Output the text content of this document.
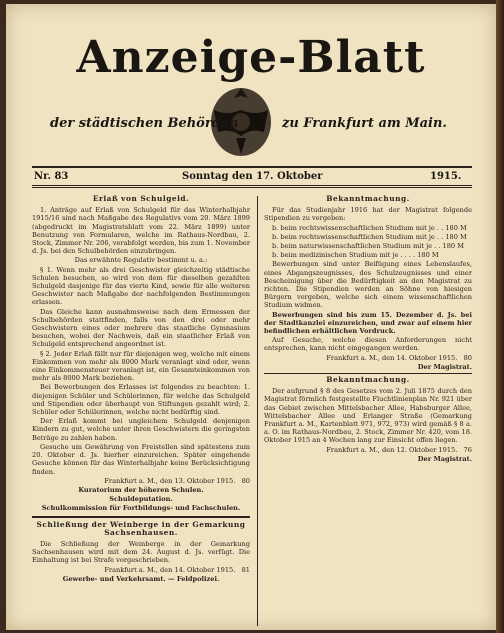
Anzeige-Blatt
der städtischen Behörden	zu Frankfurt am Main.
Nr. 83	Sonntag den 17. Oktober	1915.
Erlaß von Schulgeld.

1. Anträge auf Erlaß von Schulgeld für das Winterhalbjahr 1915/16 sind nach Maßgabe des Regulativs vom 20. März 1899 (abgedruckt im Magistratsblatt vom 22. März 1899) unter Benutzung von Formularen, welche im Rathaus-Nordbau, 2. Stock, Zimmer Nr. 206, verabfolgt werden, bis zum 1. November d. Js. bei den Schulbehörden einzubringen.

Das erwähnte Regulativ bestimmt u. a.:

§ 1. Wenn mehr als drei Geschwister gleichzeitig städtische Schulen besuchen, so wird von dem für dieselben gezahlten Schulgeld dasjenige für das vierte Kind, sowie für alle weiteren Geschwister nach Maßgabe der nachfolgenden Bestimmungen erlassen.

Das Gleiche kann ausnahmsweise nach dem Ermessen der Schulbehörden stattfinden, falls von den drei oder mehr Geschwistern eines oder mehrere das staatliche Gymnasium besuchen, wobei der Nachweis, daß ein staatlicher Erlaß von Schulgeld entsprechend angeordnet ist.

§ 2. Jeder Erlaß fällt nur für diejenigen weg, welche mit einem Einkommen von mehr als 8000 Mark veranlagt sind oder, wenn eine Einkommensteuer veranlagt ist, ein Gesamteinkommen von mehr als 8000 Mark beziehen.

Bei Bewerbungen des Erlasses ist folgendes zu beachten: 1. diejenigen Schüler und Schülerinnen, für welche das Schulgeld und Stipendien oder überhaupt von Stiftungen gezahlt wird; 2. Schüler oder Schülerinnen, welche nicht bedürftig sind.

Der Erlaß kommt bei ungleichem Schulgeld denjenigen Kindern zu gut, welche unter ihren Geschwistern die geringsten Beträge zu zahlen haben.

Gesuche um Gewährung von Freistellen sind spätestens zum 20. Oktober d. Js. hierher einzureichen. Später eingehende Gesuche können für das Winterhalbjahr keine Berücksichtigung finden.

Frankfurt a. M., den 13. Oktober 1915. 80

Kuratorium der höheren Schulen.

Schuldeputation.

Schulkommission für Fortbildungs- und Fachschulen.

Schließung der Weinberge in der Gemarkung Sachsenhausen.

Die Schließung der Weinberge in der Gemarkung Sachsenhausen wird mit dem 24. August d. Js. verfügt. Die Einhaltung ist bei Strafe vorgeschrieben.

Frankfurt a. M., den 14. Oktober 1915. 81

Gewerbe- und Verkehrsamt. — Feldpolizei.

Bekanntmachung.

Für das Studienjahr 1916 hat der Magistrat folgende Stipendien zu vergeben:

b. beim rechtswissenschaftlichen Studium mit je . . 180 M

b. beim rechtswissenschaftlichen Studium mit je . . 180 M

b. beim naturwissenschaftlichen Studium mit je . . 180 M

b. beim medizinischen Studium mit je . . . . 180 M

Bewerbungen sind unter Beifügung eines Lebenslaufes, eines Abgangszeugnisses, des Schulzeugnisses und einer Bescheinigung über die Bedürftigkeit an den Magistrat zu richten. Die Stipendien werden an Söhne von hiesigen Bürgern vergeben, welche sich einem wissenschaftlichen Studium widmen.

Bewerbungen sind bis zum 15. Dezember d. Js. bei der Stadtkanzlei einzureichen, und zwar auf einem hier befindlichen erhältlichen Vordruck.

Auf Gesuche, welche diesen Anforderungen nicht entsprechen, kann nicht eingegangen werden.

Frankfurt a. M., den 14. Oktober 1915. 80

Der Magistrat.

Bekanntmachung.

Der aufgrund § 8 des Gesetzes vom 2. Juli 1875 durch den Magistrat förmlich festgestellte Fluchtlinienplan Nr. 921 über das Gebiet zwischen Mittelsbacher Allee, Habsburger Allee, Wittelsbacher Allee und Erlanger Straße (Gemarkung Frankfurt a. M., Kartenblatt 971, 972, 973) wird gemäß § 8 a. a. O. im Rathaus-Nordbau, 2. Stock, Zimmer Nr. 420, vom 18. Oktober 1915 an 4 Wochen lang zur Einsicht offen liegen.

Frankfurt a. M., den 12. Oktober 1915. 76

Der Magistrat.
